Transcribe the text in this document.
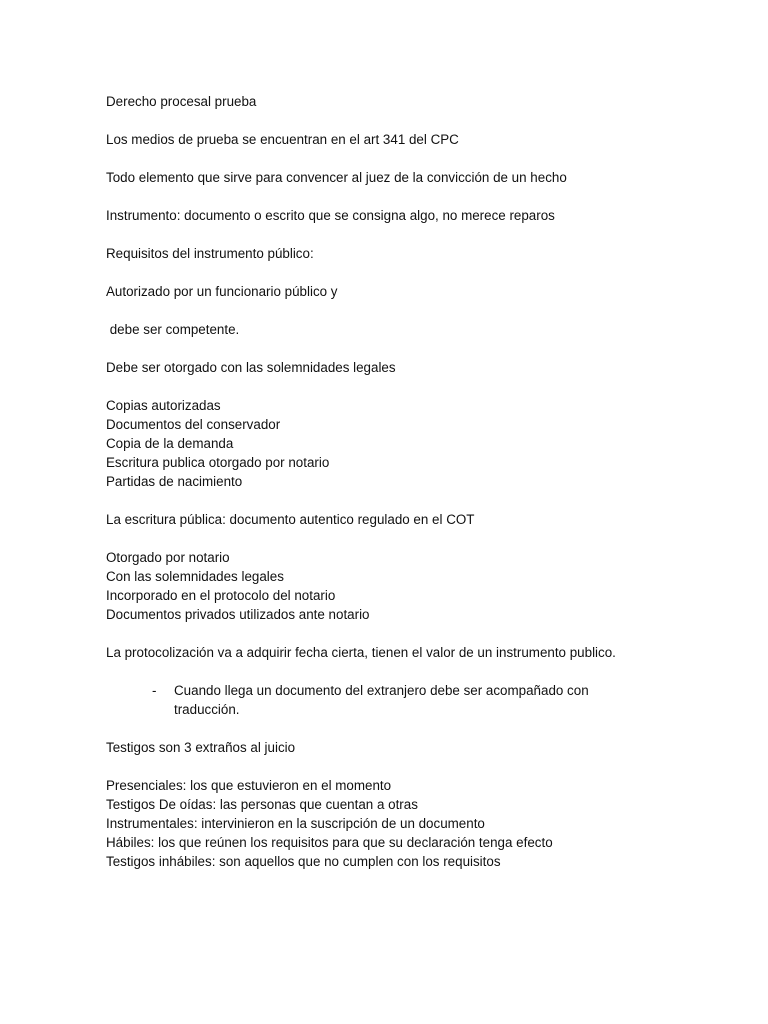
Derecho procesal prueba

Los medios de prueba se encuentran en el art 341 del CPC

Todo elemento que sirve para convencer al juez de la convicción de un hecho

Instrumento: documento o escrito que se consigna algo, no merece reparos

Requisitos del instrumento público:

Autorizado por un funcionario público y

debe ser competente.

Debe ser otorgado con las solemnidades legales

Copias autorizadas
Documentos del conservador
Copia de la demanda
Escritura publica otorgado por notario
Partidas de nacimiento

La escritura pública: documento autentico regulado en el COT

Otorgado por notario
Con las solemnidades legales
Incorporado en el protocolo del notario
Documentos privados utilizados ante notario

La protocolización va a adquirir fecha cierta, tienen el valor de un instrumento publico.

- Cuando llega un documento del extranjero debe ser acompañado con traducción.

Testigos son 3 extraños al juicio

Presenciales: los que estuvieron en el momento
Testigos De oídas: las personas que cuentan a otras
Instrumentales: intervinieron en la suscripción de un documento
Hábiles: los que reúnen los requisitos para que su declaración tenga efecto
Testigos inhábiles: son aquellos que no cumplen con los requisitos
